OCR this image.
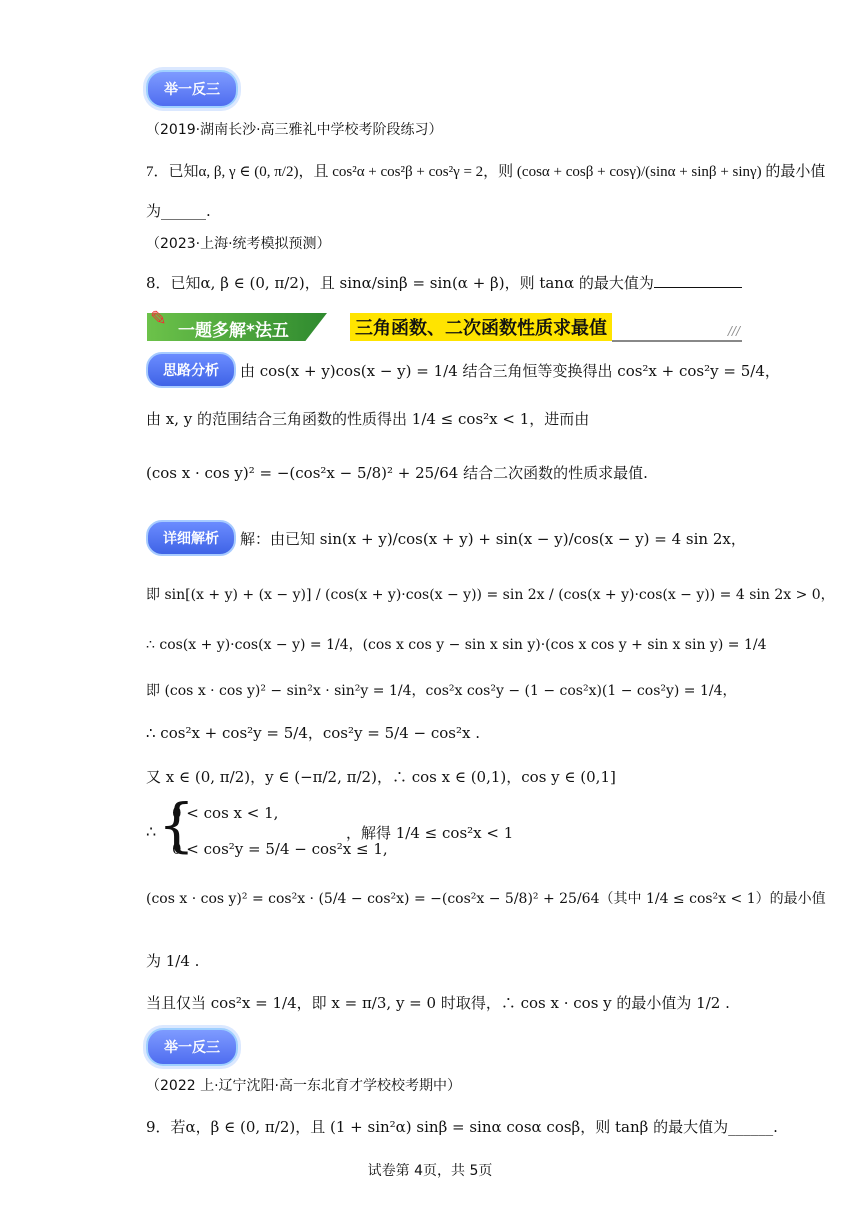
举一反三
（2019·湖南长沙·高三雅礼中学校考阶段练习）
7．已知α, β, γ ∈ (0, π/2)，且 cos²α + cos²β + cos²γ = 2，则 (cosα + cosβ + cosγ)/(sinα + sinβ + sinγ) 的最小值
为______.
（2023·上海·统考模拟预测）
8．已知α, β ∈ (0, π/2)，且 sinα/sinβ = sin(α + β)，则 tanα 的最大值为
一题多解*法五
✎	三角函数、二次函数性质求最值	///
思路分析 由 cos(x + y)cos(x − y) = 1/4 结合三角恒等变换得出 cos²x + cos²y = 5/4，
由 x, y 的范围结合三角函数的性质得出 1/4 ≤ cos²x < 1，进而由
(cos x · cos y)² = −(cos²x − 5/8)² + 25/64 结合二次函数的性质求最值.
详细解析 解：由已知 sin(x + y)/cos(x + y) + sin(x − y)/cos(x − y) = 4 sin 2x，
即 sin[(x + y) + (x − y)] / (cos(x + y)·cos(x − y)) = sin 2x / (cos(x + y)·cos(x − y)) = 4 sin 2x > 0，
∴ cos(x + y)·cos(x − y) = 1/4，(cos x cos y − sin x sin y)·(cos x cos y + sin x sin y) = 1/4
即 (cos x · cos y)² − sin²x · sin²y = 1/4，cos²x cos²y − (1 − cos²x)(1 − cos²y) = 1/4，
∴ cos²x + cos²y = 5/4，cos²y = 5/4 − cos²x .
又 x ∈ (0, π/2)，y ∈ (−π/2, π/2)，∴ cos x ∈ (0,1)，cos y ∈ (0,1]
∴ {
0 < cos x < 1,
0 < cos²y = 5/4 − cos²x ≤ 1,
，解得 1/4 ≤ cos²x < 1
(cos x · cos y)² = cos²x · (5/4 − cos²x) = −(cos²x − 5/8)² + 25/64（其中 1/4 ≤ cos²x < 1）的最小值
为 1/4 .
当且仅当 cos²x = 1/4，即 x = π/3, y = 0 时取得，∴ cos x · cos y 的最小值为 1/2 .
举一反三
（2022 上·辽宁沈阳·高一东北育才学校校考期中）
9．若α，β ∈ (0, π/2)，且 (1 + sin²α) sinβ = sinα cosα cosβ，则 tanβ 的最大值为______.
试卷第 4页，共 5页
